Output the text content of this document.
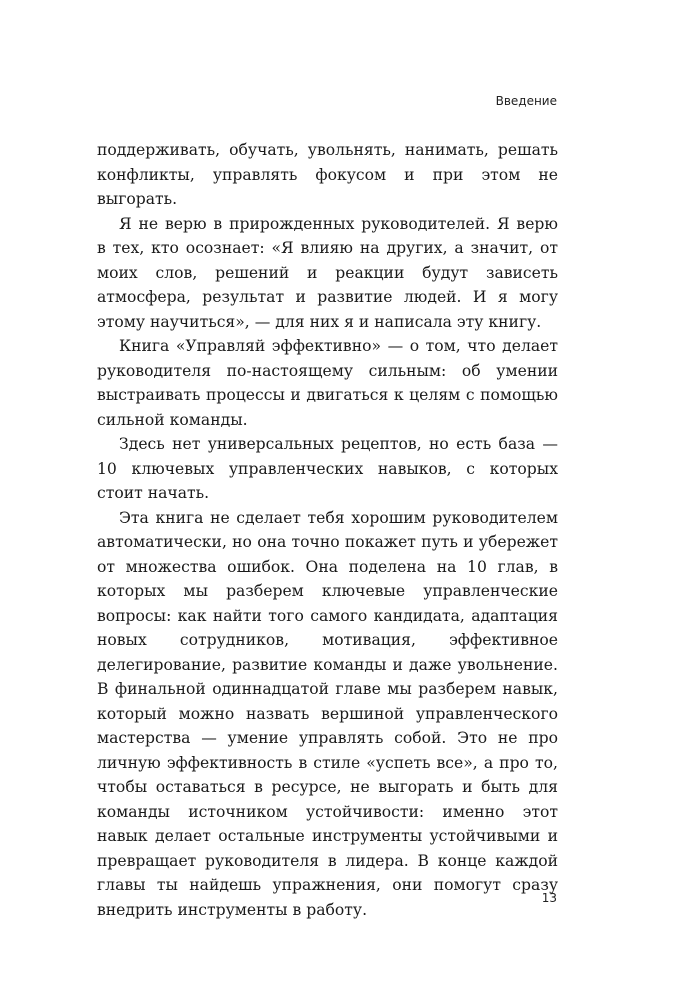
Введение

поддерживать, обучать, увольнять, нанимать, решать конфликты, управлять фокусом и при этом не выгорать.

Я не верю в прирожденных руководителей. Я верю в тех, кто осознает: «Я влияю на других, а значит, от моих слов, решений и реакции будут зависеть атмосфера, результат и развитие людей. И я могу этому научиться», — для них я и написала эту книгу.

Книга «Управляй эффективно» — о том, что делает руководителя по-настоящему сильным: об умении выстраивать процессы и двигаться к целям с помощью сильной команды.

Здесь нет универсальных рецептов, но есть база — 10 ключевых управленческих навыков, с которых стоит начать.

Эта книга не сделает тебя хорошим руководителем автоматически, но она точно покажет путь и убережет от множества ошибок. Она поделена на 10 глав, в которых мы разберем ключевые управленческие вопросы: как найти того самого кандидата, адаптация новых сотрудников, мотивация, эффективное делегирование, развитие команды и даже увольнение. В финальной одиннадцатой главе мы разберем навык, который можно назвать вершиной управленческого мастерства — умение управлять собой. Это не про личную эффективность в стиле «успеть все», а про то, чтобы оставаться в ресурсе, не выгорать и быть для команды источником устойчивости: именно этот навык делает остальные инструменты устойчивыми и превращает руководителя в лидера. В конце каждой главы ты найдешь упражнения, они помогут сразу внедрить инструменты в работу.

13
